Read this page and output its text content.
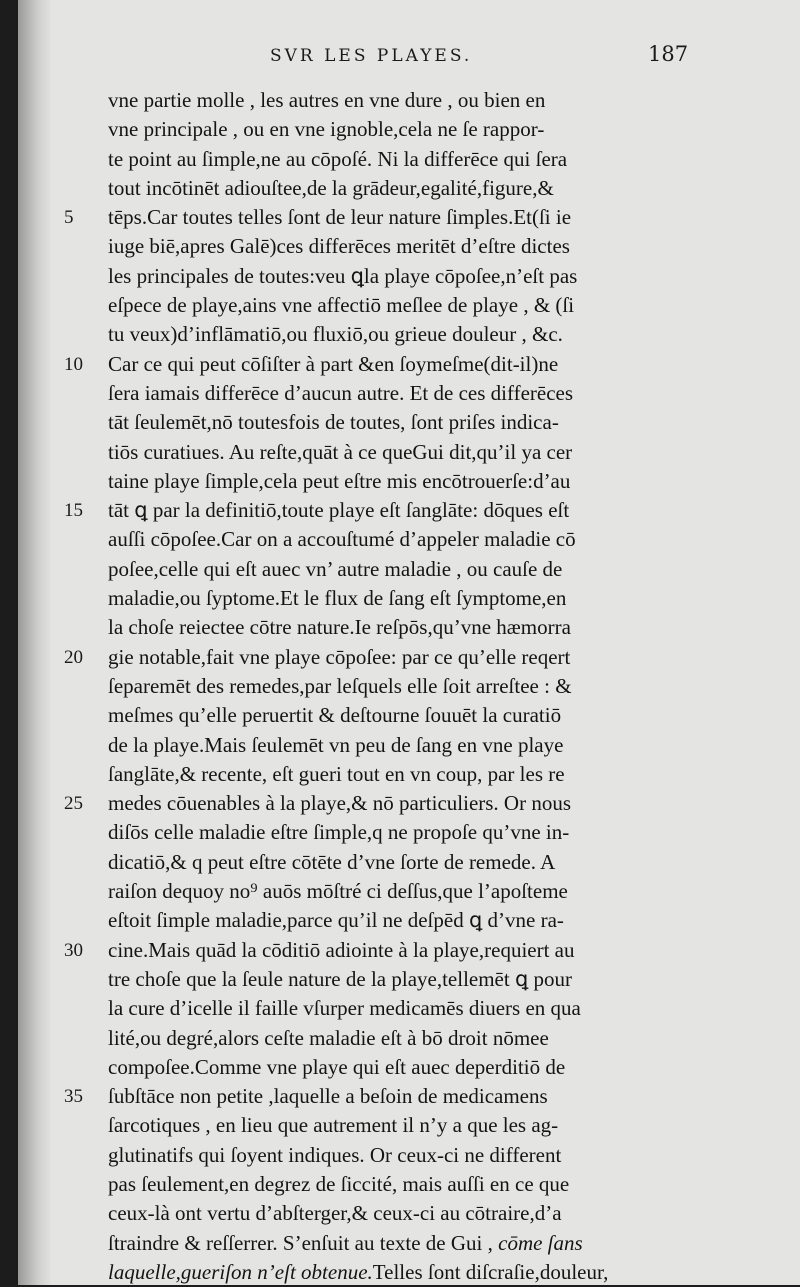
SVR LES PLAYES.	187
vne partie molle , les autres en vne dure , ou bien en
vne principale , ou en vne ignoble,cela ne ſe rappor-
te point au ſimple,ne au cōpoſé. Ni la differēce qui ſera
tout incōtinēt adiouſtee,de la grādeur,egalité,figure,&
5 tēps.Car toutes telles ſont de leur nature ſimples.Et(ſi ie
iuge biē,apres Galē)ces differēces meritēt d’eſtre dictes
les principales de toutes:veu ꝗla playe cōpoſee,n’eſt pas
eſpece de playe,ains vne affectiō meſlee de playe , & (ſi
tu veux)d’inflāmatiō,ou fluxiō,ou grieue douleur , &c.
10 Car ce qui peut cōſiſter à part &en ſoymeſme(dit-il)ne
ſera iamais differēce d’aucun autre. Et de ces differēces
tāt ſeulemēt,nō toutesfois de toutes, ſont priſes indica-
tiōs curatiues. Au reſte,quāt à ce queGui dit,qu’il ya cer
taine playe ſimple,cela peut eſtre mis encōtrouerſe:d’au
15 tāt ꝗ par la definitiō,toute playe eſt ſanglāte: dōques eſt
auſſi cōpoſee.Car on a accouſtumé d’appeler maladie cō
poſee,celle qui eſt auec vn’ autre maladie , ou cauſe de
maladie,ou ſyptome.Et le flux de ſang eſt ſymptome,en
la choſe reiectee cōtre nature.Ie reſpōs,qu’vne hæmorra
20 gie notable,fait vne playe cōpoſee: par ce qu’elle reqert
ſeparemēt des remedes,par leſquels elle ſoit arreſtee : &
meſmes qu’elle peruertit & deſtourne ſouuēt la curatiō
de la playe.Mais ſeulemēt vn peu de ſang en vne playe
ſanglāte,& recente, eſt gueri tout en vn coup, par les re
25 medes cōuenables à la playe,& nō particuliers. Or nous
diſōs celle maladie eſtre ſimple,q ne propoſe qu’vne in-
dicatiō,& q peut eſtre cōtēte d’vne ſorte de remede. A
raiſon dequoy no⁹ auōs mōſtré ci deſſus,que l’apoſteme
eſtoit ſimple maladie,parce qu’il ne deſpēd ꝗ d’vne ra-
30 cine.Mais quād la cōditiō adiointe à la playe,requiert au
tre choſe que la ſeule nature de la playe,tellemēt ꝗ pour
la cure d’icelle il faille vſurper medicamēs diuers en qua
lité,ou degré,alors ceſte maladie eſt à bō droit nōmee
compoſee.Comme vne playe qui eſt auec deperditiō de
35 ſubſtāce non petite ,laquelle a beſoin de medicamens
ſarcotiques , en lieu que autrement il n’y a que les ag-
glutinatifs qui ſoyent indiques. Or ceux-ci ne different
pas ſeulement,en degrez de ſiccité, mais auſſi en ce que
ceux-là ont vertu d’abſterger,& ceux-ci au cōtraire,d’a
ſtraindre & reſſerrer. S’enſuit au texte de Gui , cōme ſans
laquelle,gueriſon n’eſt obtenue.Telles ſont diſcraſie,douleur,
